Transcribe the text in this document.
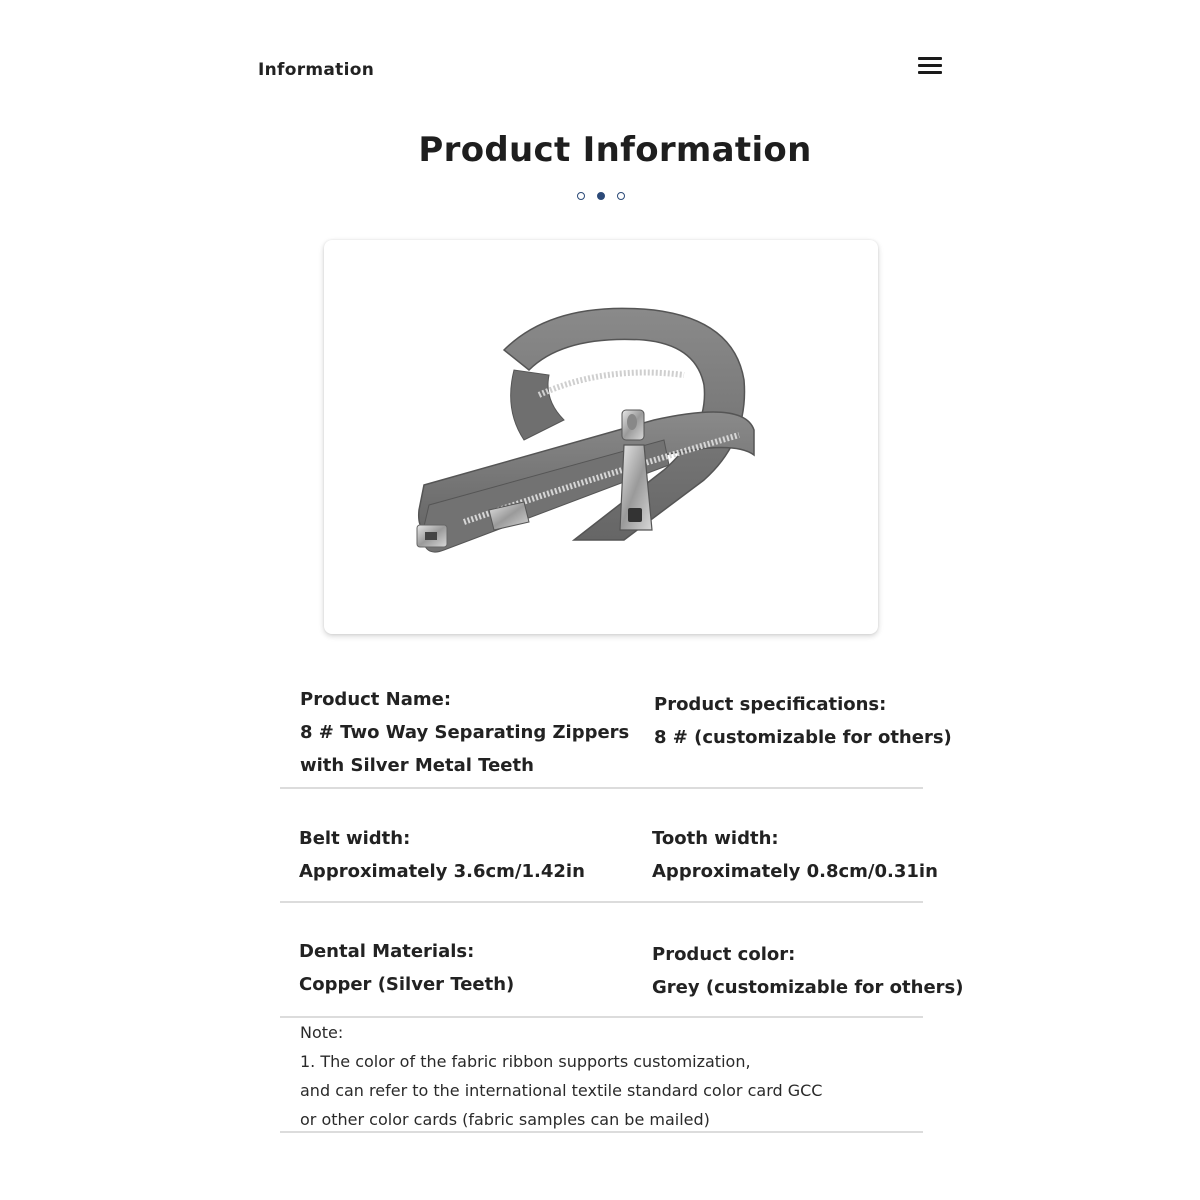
Information
Product Information
Product Name:
8 # Two Way Separating Zippers
with Silver Metal Teeth
Product specifications:
8 # (customizable for others)
Belt width:
Approximately 3.6cm/1.42in
Tooth width:
Approximately 0.8cm/0.31in
Dental Materials:
Copper (Silver Teeth)
Product color:
Grey (customizable for others)
Note:
1. The color of the fabric ribbon supports customization,
and can refer to the international textile standard color card GCC
or other color cards (fabric samples can be mailed)
